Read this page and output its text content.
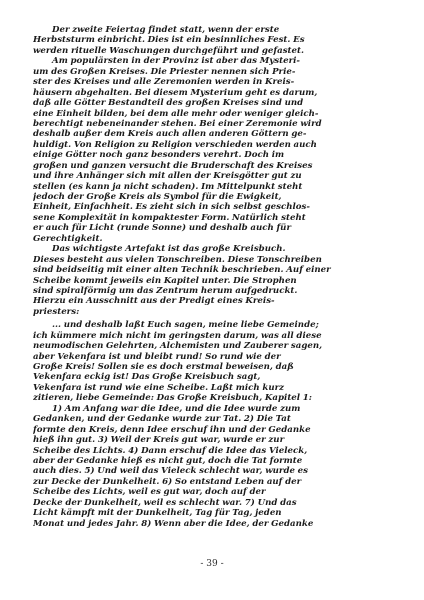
Der zweite Feiertag findet statt, wenn der erste
Herbststurm einbricht. Dies ist ein besinnliches Fest. Es
werden rituelle Waschungen durchgeführt und gefastet.
Am populärsten in der Provinz ist aber das Mysteri-
um des Großen Kreises. Die Priester nennen sich Prie-
ster des Kreises und alle Zeremonien werden in Kreis-
häusern abgehalten. Bei diesem Mysterium geht es darum,
daß alle Götter Bestandteil des großen Kreises sind und
eine Einheit bilden, bei dem alle mehr oder weniger gleich-
berechtigt nebeneinander stehen. Bei einer Zeremonie wird
deshalb außer dem Kreis auch allen anderen Göttern ge-
huldigt. Von Religion zu Religion verschieden werden auch
einige Götter noch ganz besonders verehrt. Doch im
großen und ganzen versucht die Bruderschaft des Kreises
und ihre Anhänger sich mit allen der Kreisgötter gut zu
stellen (es kann ja nicht schaden). Im Mittelpunkt steht
jedoch der Große Kreis als Symbol für die Ewigkeit,
Einheit, Einfachheit. Es zieht sich in sich selbst geschlos-
sene Komplexität in kompaktester Form. Natürlich steht
er auch für Licht (runde Sonne) und deshalb auch für
Gerechtigkeit.
Das wichtigste Artefakt ist das große Kreisbuch.
Dieses besteht aus vielen Tonschreiben. Diese Tonschreiben
sind beidseitig mit einer alten Technik beschrieben. Auf einer
Scheibe kommt jeweils ein Kapitel unter. Die Strophen
sind spiralförmig um das Zentrum herum aufgedruckt.
Hierzu ein Ausschnitt aus der Predigt eines Kreis-
priesters:
... und deshalb laßt Euch sagen, meine liebe Gemeinde;
ich kümmere mich nicht im geringsten darum, was all diese
neumodischen Gelehrten, Alchemisten und Zauberer sagen,
aber Vekenfara ist und bleibt rund! So rund wie der
Große Kreis! Sollen sie es doch erstmal beweisen, daß
Vekenfara eckig ist! Das Große Kreisbuch sagt,
Vekenfara ist rund wie eine Scheibe. Laßt mich kurz
zitieren, liebe Gemeinde: Das Große Kreisbuch, Kapitel 1:
1) Am Anfang war die Idee, und die Idee wurde zum
Gedanken, und der Gedanke wurde zur Tat. 2) Die Tat
formte den Kreis, denn Idee erschuf ihn und der Gedanke
hieß ihn gut. 3) Weil der Kreis gut war, wurde er zur
Scheibe des Lichts. 4) Dann erschuf die Idee das Vieleck,
aber der Gedanke hieß es nicht gut, doch die Tat formte
auch dies. 5) Und weil das Vieleck schlecht war, wurde es
zur Decke der Dunkelheit. 6) So entstand Leben auf der
Scheibe des Lichts, weil es gut war, doch auf der
Decke der Dunkelheit, weil es schlecht war. 7) Und das
Licht kämpft mit der Dunkelheit, Tag für Tag, jeden
Monat und jedes Jahr. 8) Wenn aber die Idee, der Gedanke
- 39 -
